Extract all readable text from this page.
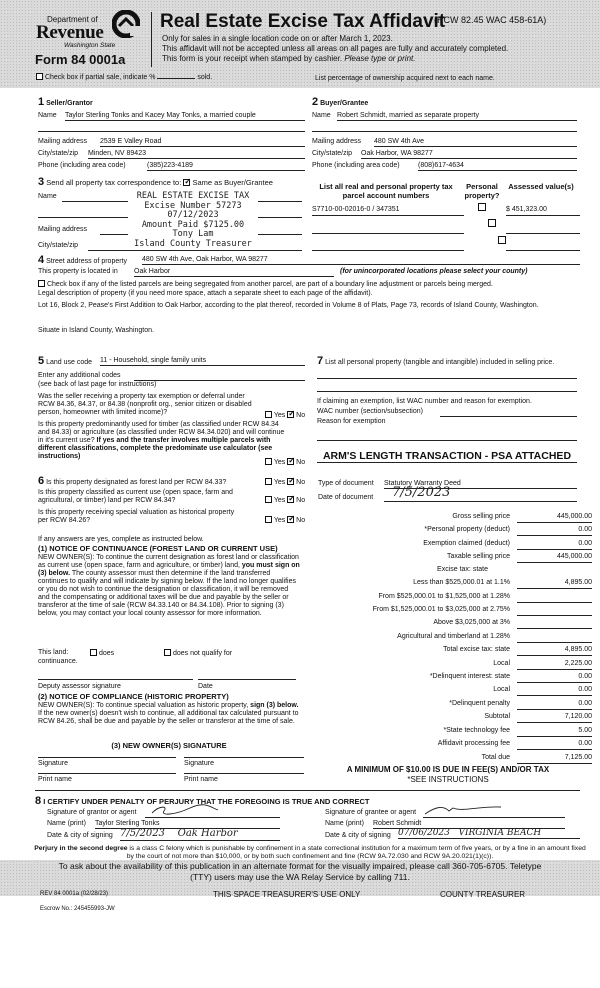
Department of
Revenue
Washington State
Form 84 0001a
Real Estate Excise Tax Affidavit
(RCW 82.45 WAC 458-61A)
Only for sales in a single location code on or after March 1, 2023.
This affidavit will not be accepted unless all areas on all pages are fully and accurately completed.
This form is your receipt when stamped by cashier. Please type or print.
Check box if partial sale, indicate %	sold.	List percentage of ownership acquired next to each name.
1 Seller/Grantor
Name Taylor Sterling Tonks and Kacey May Tonks, a married couple
Mailing address 2539 E Valley Road
City/state/zip Minden, NV 89423
Phone (including area code)	(385)223-4189
2 Buyer/Grantee
Name Robert Schmidt, married as separate property
Mailing address 480 SW 4th Ave
City/state/zip Oak Harbor, WA 98277
Phone (including area code)	(808)617-4634
3 Send all property tax correspondence to: ✓ Same as Buyer/Grantee
Name
Mailing address
City/state/zip
REAL ESTATE EXCISE TAX
Excise Number 57273
07/12/2023
Amount Paid $7125.00
Tony Lam
Island County Treasurer
List all real and personal property tax parcel account numbers
Personal property?
Assessed value(s)
S7710-00-02016-0 / 347351
	$ 451,323.00

4 Street address of property 480 SW 4th Ave, Oak Harbor, WA 98277
This property is located in Oak Harbor	(for unincorporated locations please select your county)
Check box if any of the listed parcels are being segregated from another parcel, are part of a boundary line adjustment or parcels being merged.
Legal description of property (if you need more space, attach a separate sheet to each page of the affidavit).
Lot 16, Block 2, Pease's First Addition to Oak Harbor, according to the plat thereof, recorded in Volume 8 of Plats, Page 73, records of Island County, Washington.
Situate in Island County, Washington.
5 Land use code 11 - Household, single family units
Enter any additional codes
(see back of last page for instructions)
Was the seller receiving a property tax exemption or deferral under RCW 84.36, 84.37, or 84.38 (nonprofit org., senior citizen or disabled person, homeowner with limited income)?	Yes ✓ No
Is this property predominantly used for timber (as classified under RCW 84.34 and 84.33) or agriculture (as classified under RCW 84.34.020) and will continue in it's current use? If yes and the transfer involves multiple parcels with different classifications, complete the predominate use calculator (see instructions)
Yes ✓ No
7 List all personal property (tangible and intangible) included in selling price.
If claiming an exemption, list WAC number and reason for exemption.
WAC number (section/subsection)
Reason for exemption
ARM'S LENGTH TRANSACTION - PSA ATTACHED
6 Is this property designated as forest land per RCW 84.33?	Yes ✓ No
Is this property classified as current use (open space, farm and agricultural, or timber) land per RCW 84.34?	Yes ✓ No
Is this property receiving special valuation as historical property per RCW 84.26?	Yes ✓ No
If any answers are yes, complete as instructed below.
(1) NOTICE OF CONTINUANCE (FOREST LAND OR CURRENT USE)
NEW OWNER(S): To continue the current designation as forest land or classification as current use (open space, farm and agriculture, or timber) land, you must sign on (3) below. The county assessor must then determine if the land transferred continues to qualify and will indicate by signing below. If the land no longer qualifies or you do not wish to continue the designation or classification, it will be removed and the compensating or additional taxes will be due and payable by the seller or transferor at the time of sale (RCW 84.33.140 or 84.34.108). Prior to signing (3) below, you may contact your local county assessor for more information.
This land:	does	does not qualify for
continuance.
Deputy assessor signature	Date
(2) NOTICE OF COMPLIANCE (HISTORIC PROPERTY)
NEW OWNER(S): To continue special valuation as historic property, sign (3) below. If the new owner(s) doesn't wish to continue, all additional tax calculated pursuant to RCW 84.26, shall be due and payable by the seller or transferor at the time of sale.
(3) NEW OWNER(S) SIGNATURE
Signature	Signature
Print name	Print name
Type of document Statutory Warranty Deed
Date of document	7/5/2023
Gross selling price	445,000.00
*Personal property (deduct)	0.00
Exemption claimed (deduct)	0.00
Taxable selling price	445,000.00
Excise tax: state
Less than $525,000.01 at 1.1%	4,895.00
From $525,000.01 to $1,525,000 at 1.28%
From $1,525,000.01 to $3,025,000 at 2.75%
Above $3,025,000 at 3%
Agricultural and timberland at 1.28%
Total excise tax: state	4,895.00
Local	2,225.00
*Delinquent interest: state	0.00
Local	0.00
*Delinquent penalty	0.00
Subtotal	7,120.00
*State technology fee	5.00
Affidavit processing fee	0.00
Total due	7,125.00
A MINIMUM OF $10.00 IS DUE IN FEE(S) AND/OR TAX
*SEE INSTRUCTIONS
8 I CERTIFY UNDER PENALTY OF PERJURY THAT THE FOREGOING IS TRUE AND CORRECT
Signature of grantor or agent
Name (print) Taylor Sterling Tonks
Date & city of signing 7/5/2023 Oak Harbor
Signature of grantee or agent
Name (print) Robert Schmidt
Date & city of signing 07/06/2023 VIRGINIA BEACH
Perjury in the second degree is a class C felony which is punishable by confinement in a state correctional institution for a maximum term of five years, or by a fine in an amount fixed by the court of not more than $10,000, or by both such confinement and fine (RCW 9A.72.030 and RCW 9A.20.021(1)(c)).
To ask about the availability of this publication in an alternate format for the visually impaired, please call 360-705-6705. Teletype
(TTY) users may use the WA Relay Service by calling 711.
REV 84 0001a (02/28/23)	THIS SPACE TREASURER'S USE ONLY	COUNTY TREASURER
Escrow No.: 245455993-JW
